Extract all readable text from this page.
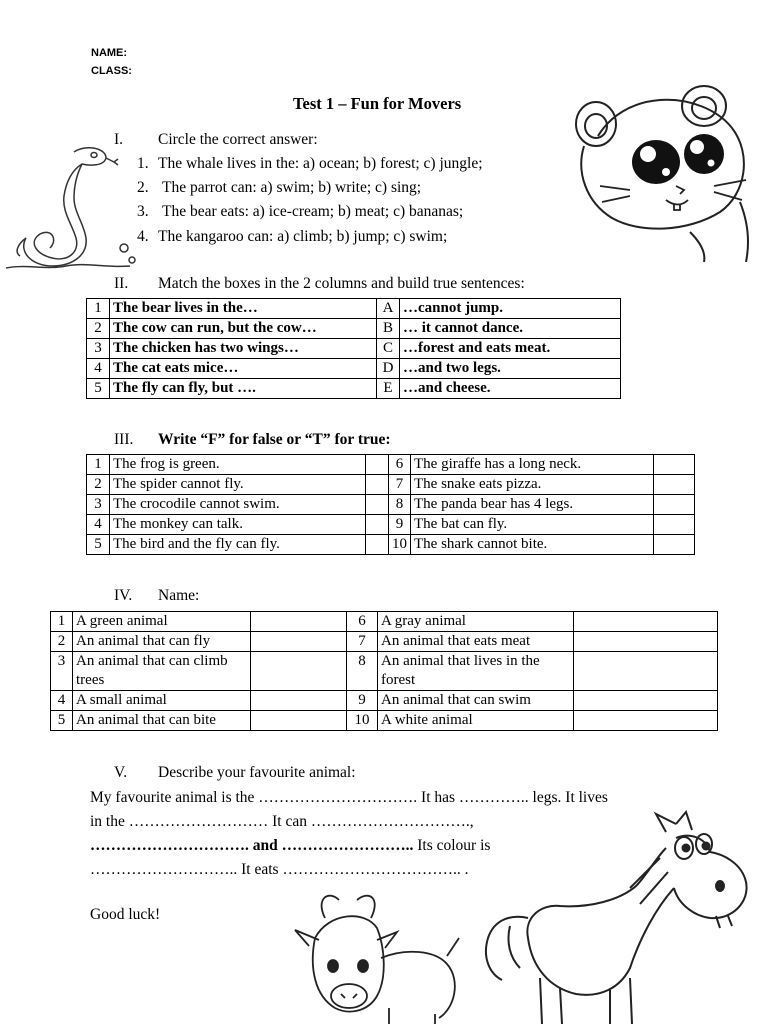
NAME:
CLASS:
Test 1 – Fun for Movers
I. Circle the correct answer:
1. The whale lives in the: a) ocean; b) forest; c) jungle;
2. The parrot can: a) swim; b) write; c) sing;
3. The bear eats: a) ice-cream; b) meat; c) bananas;
4. The kangaroo can: a) climb; b) jump; c) swim;
II. Match the boxes in the 2 columns and build true sentences:
1	The bear lives in the…	A	…cannot jump.
2	The cow can run, but the cow…	B	… it cannot dance.
3	The chicken has two wings…	C	…forest and eats meat.
4	The cat eats mice…	D	…and two legs.
5	The fly can fly, but ….	E	…and cheese.
III. Write “F” for false or “T” for true:
1	The frog is green.		6	The giraffe has a long neck.	
2	The spider cannot fly.		7	The snake eats pizza.	
3	The crocodile cannot swim.		8	The panda bear has 4 legs.	
4	The monkey can talk.		9	The bat can fly.	
5	The bird and the fly can fly.		10	The shark cannot bite.	
IV. Name:
1	A green animal		6	A gray animal	
2	An animal that can fly		7	An animal that eats meat	
3	An animal that can climb trees		8	An animal that lives in the forest	
4	A small animal		9	An animal that can swim	
5	An animal that can bite		10	A white animal	
V. Describe your favourite animal:
My favourite animal is the …………………………. It has ………….. legs. It lives
in the ……………………… It can ………………………….,
…………………………. and …………………….. Its colour is
……………………….. It eats …………………………….. .
Good luck!
